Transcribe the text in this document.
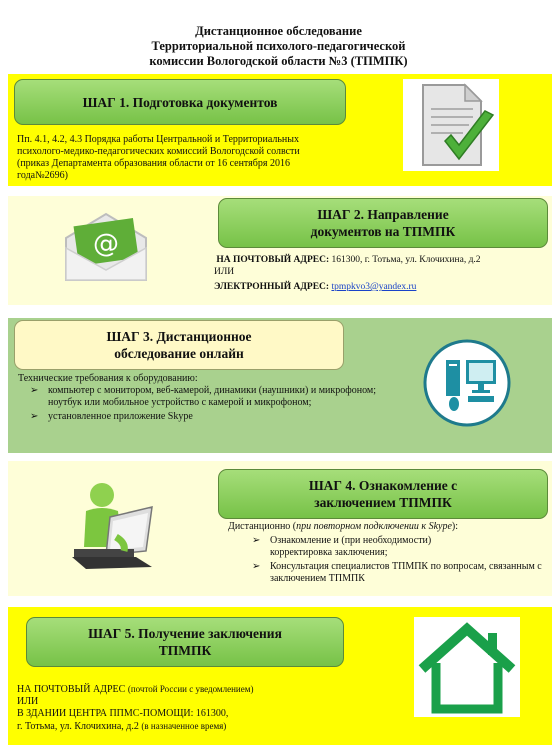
Дистанционное обследование
Территориальной психолого-педагогической
комиссии Вологодской области №3 (ТПМПК)
ШАГ 1. Подготовка документов
Пп. 4.1, 4.2, 4.3 Порядка работы Центральной и Территориальных психолого-медико-педагогических комиссий Вологодской солвсти (приказ Департамента образования области от 16 сентября 2016 года№2696)
@
ШАГ 2. Направление
документов на ТПМПК
НА ПОЧТОВЫЙ АДРЕС: 161300, г. Тотьма, ул. Клочихина, д.2
ИЛИ
ЭЛЕКТРОННЫЙ АДРЕС: tpmpkvo3@yandex.ru
ШАГ 3. Дистанционное
обследование онлайн
Технические требования к оборудованию:
➢ компьютер с монитором, веб-камерой, динамики (наушники) и микрофоном; ноутбук или мобильное устройство с камерой и микрофоном;
➢ установленное приложение Skype
ШАГ 4. Ознакомление с
заключением ТПМПК
Дистанционно (при повторном подключении к Skype):
➢ Ознакомление и (при необходимости) корректировка заключения;
➢ Консультация специалистов ТПМПК по вопросам, связанным с заключением ТПМПК
ШАГ 5. Получение заключения
ТПМПК
НА ПОЧТОВЫЙ АДРЕС (почтой России с уведомлением)
ИЛИ
В ЗДАНИИ ЦЕНТРА ППМС-ПОМОЩИ: 161300,
г. Тотьма, ул. Клочихина, д.2 (в назначенное время)
